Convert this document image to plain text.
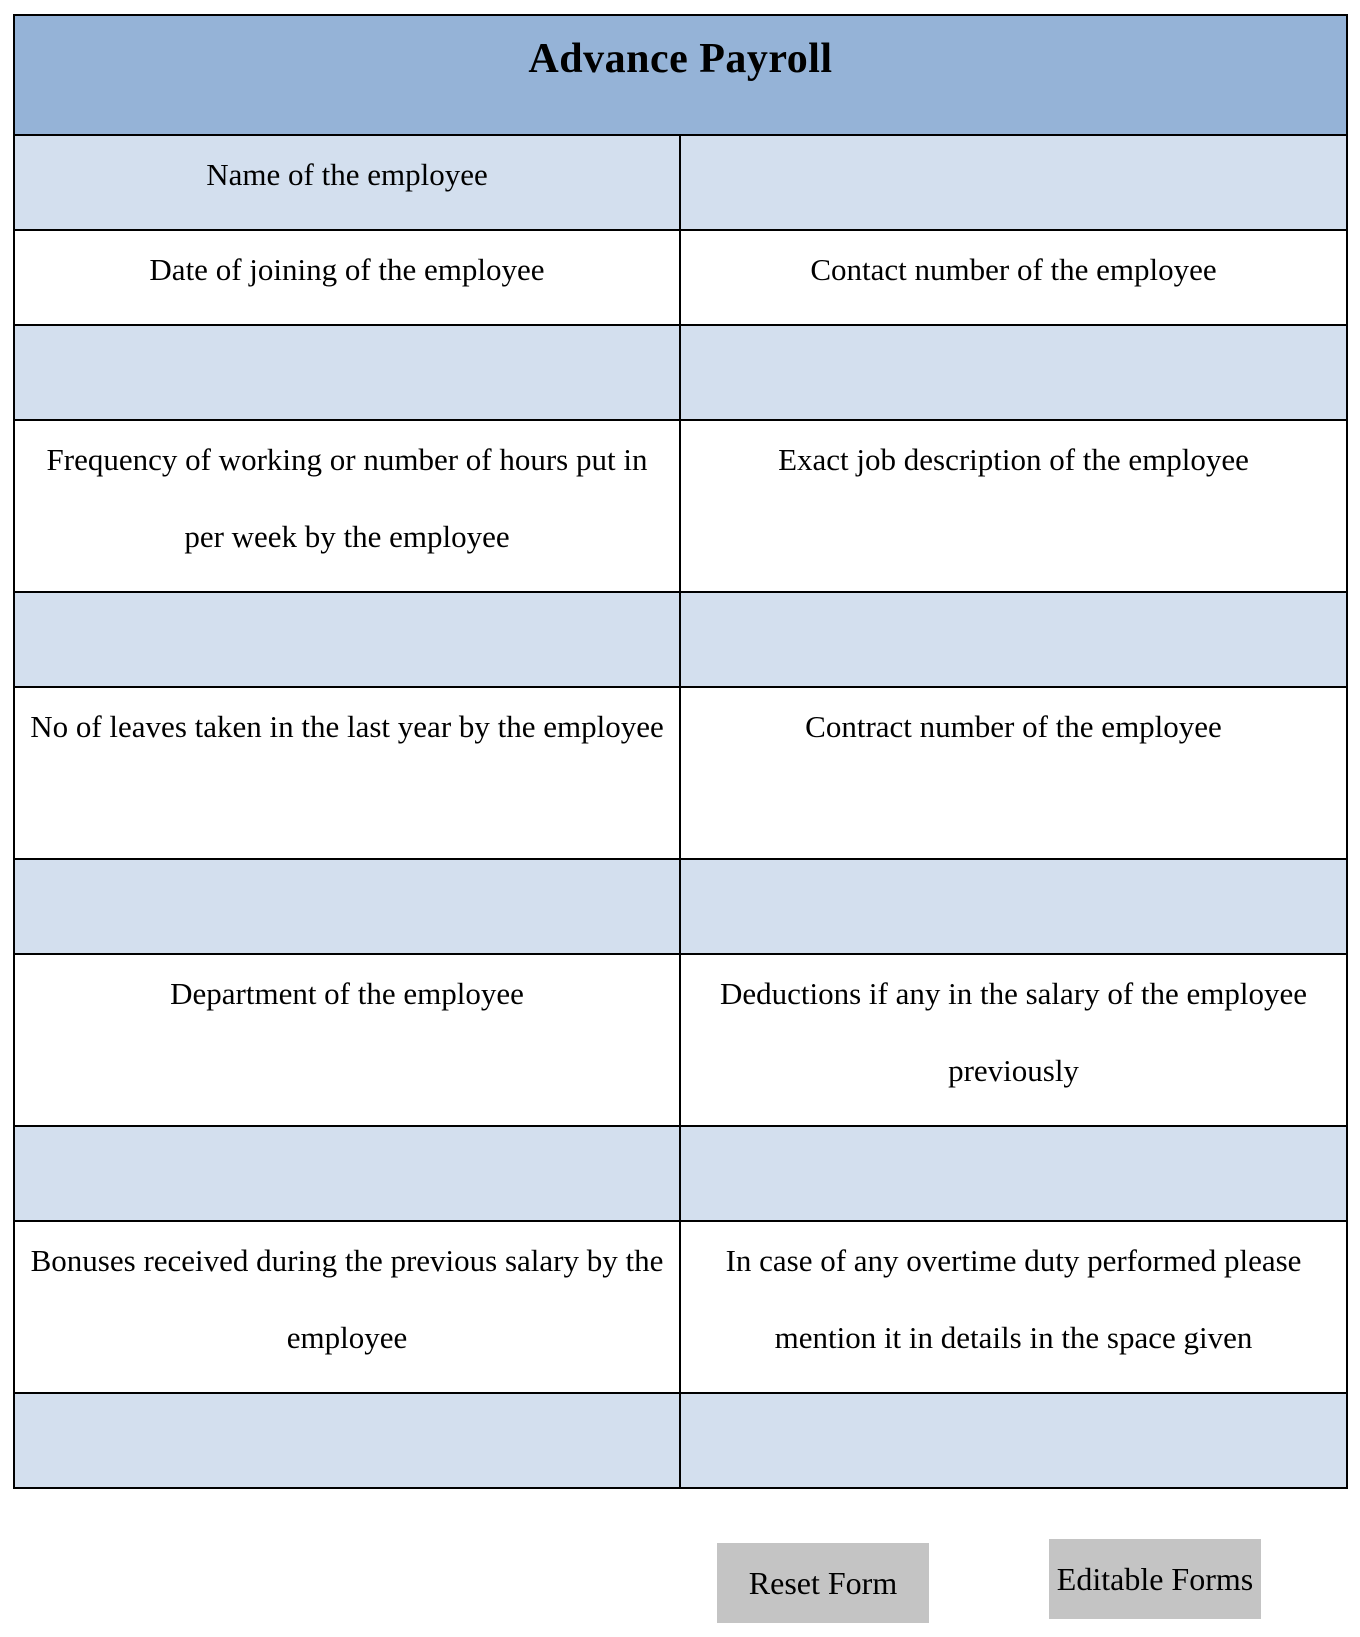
Advance Payroll	
Name of the employee	
Date of joining of the employee	Contact number of the employee

Frequency of working or number of hours put in per week by the employee	Exact job description of the employee

No of leaves taken in the last year by the employee	Contract number of the employee

Department of the employee	Deductions if any in the salary of the employee previously

Bonuses received during the previous salary by the employee	In case of any overtime duty performed please mention it in details in the space given

Reset Form	Editable Forms
